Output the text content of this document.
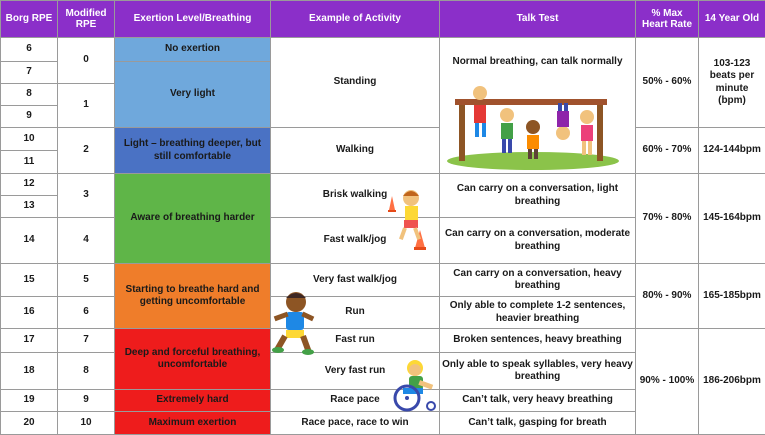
Borg RPE	Modified RPE	Exertion Level/Breathing	Example of Activity	Talk Test	% Max Heart Rate	14 Year Old
6	0	No exertion	Standing	Normal breathing, can talk normally	50% - 60%	103-123 beats per minute (bpm)
7		Very light				
8	1					
9						
10	2	Light – breathing deeper, but still comfortable	Walking		60% - 70%	124-144bpm
11						
12	3	Aware of breathing harder	Brisk walking	Can carry on a conversation, light breathing	70% - 80%	145-164bpm
13						
14	4		Fast walk/jog	Can carry on a conversation, moderate breathing		
15	5	Starting to breathe hard and getting uncomfortable	Very fast walk/jog	Can carry on a conversation, heavy breathing	80% - 90%	165-185bpm
16	6		Run	Only able to complete 1-2 sentences, heavier breathing		
17	7	Deep and forceful breathing, uncomfortable	Fast run	Broken sentences, heavy breathing	90% - 100%	186-206bpm
18	8		Very fast run	Only able to speak syllables, very heavy breathing		
19	9	Extremely hard	Race pace	Can’t talk, very heavy breathing		
20	10	Maximum exertion	Race pace, race to win	Can’t talk, gasping for breath		
